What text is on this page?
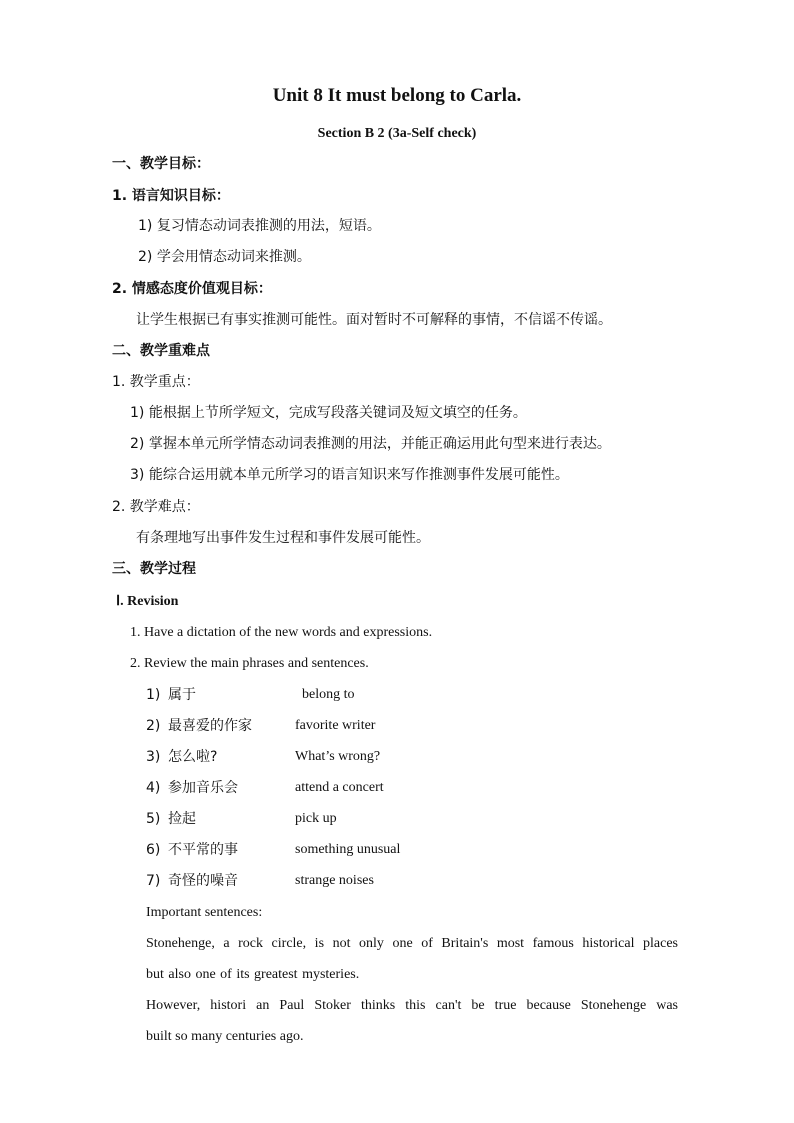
Unit 8 It must belong to Carla.
Section B 2 (3a-Self check)
一、教学目标：
1. 语言知识目标：
1) 复习情态动词表推测的用法，短语。
2) 学会用情态动词来推测。
2. 情感态度价值观目标：
让学生根据已有事实推测可能性。面对暂时不可解释的事情，不信谣不传谣。
二、教学重难点
1. 教学重点：
1) 能根据上节所学短文，完成写段落关键词及短文填空的任务。
2) 掌握本单元所学情态动词表推测的用法，并能正确运用此句型来进行表达。
3) 能综合运用就本单元所学习的语言知识来写作推测事件发展可能性。
2. 教学难点：
有条理地写出事件发生过程和事件发展可能性。
三、教学过程
Ⅰ. Revision
1. Have a dictation of the new words and expressions.
2. Review the main phrases and sentences.
1) 属于	belong to
2) 最喜爱的作家	favorite writer
3) 怎么啦?	What’s wrong?
4) 参加音乐会	attend a concert
5) 捡起	pick up
6) 不平常的事	something unusual
7) 奇怪的噪音	strange noises
Important sentences:
Stonehenge, a rock circle, is not only one of Britain's most famous historical places
but also one of its greatest mysteries.
However, histori an Paul Stoker thinks this can't be true because Stonehenge was
built so many centuries ago.
